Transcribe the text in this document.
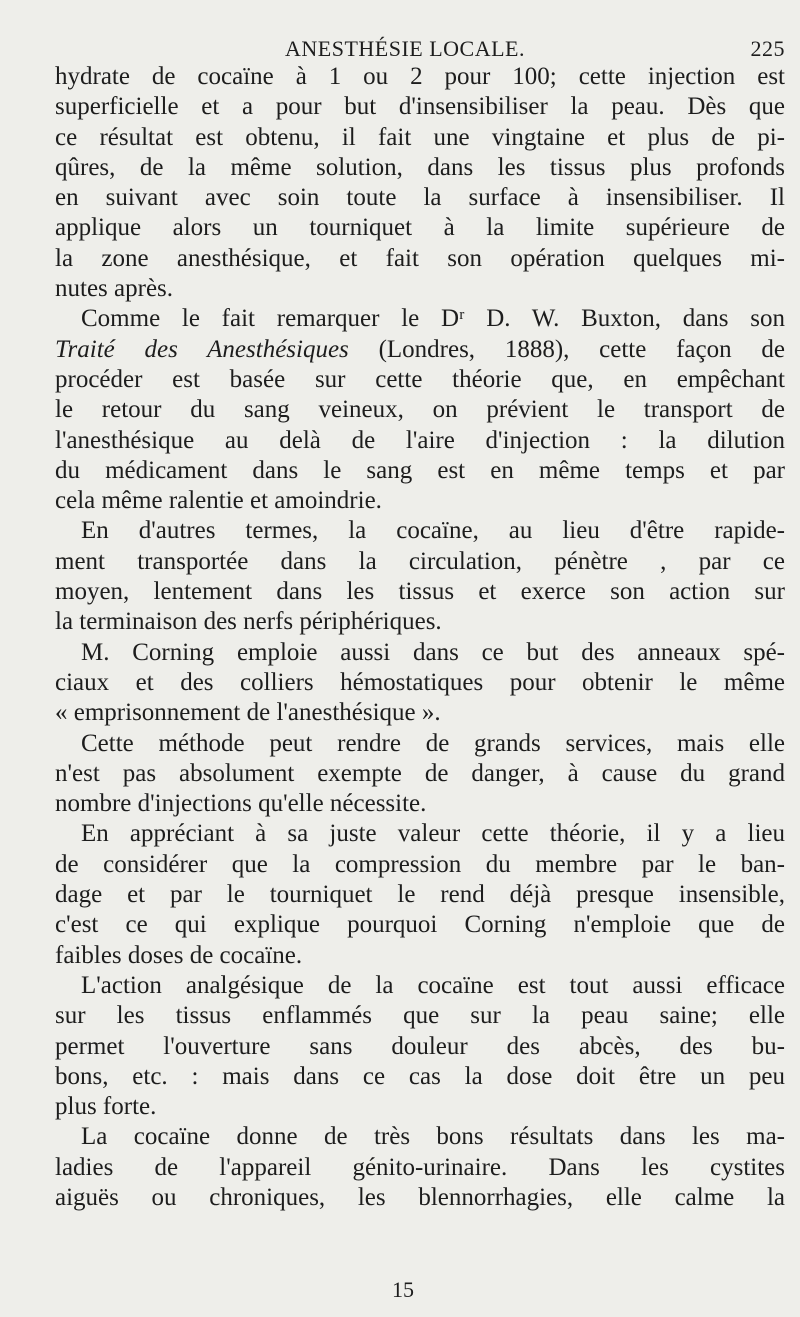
ANESTHÉSIE LOCALE.	225
hydrate de cocaïne à 1 ou 2 pour 100; cette injection est
superficielle et a pour but d'insensibiliser la peau. Dès que
ce résultat est obtenu, il fait une vingtaine et plus de pi-
qûres, de la même solution, dans les tissus plus profonds
en suivant avec soin toute la surface à insensibiliser. Il
applique alors un tourniquet à la limite supérieure de
la zone anesthésique, et fait son opération quelques mi-
nutes après.
Comme le fait remarquer le Dʳ D. W. Buxton, dans son
Traité des Anesthésiques (Londres, 1888), cette façon de
procéder est basée sur cette théorie que, en empêchant
le retour du sang veineux, on prévient le transport de
l'anesthésique au delà de l'aire d'injection : la dilution
du médicament dans le sang est en même temps et par
cela même ralentie et amoindrie.
En d'autres termes, la cocaïne, au lieu d'être rapide-
ment transportée dans la circulation, pénètre , par ce
moyen, lentement dans les tissus et exerce son action sur
la terminaison des nerfs périphériques.
M. Corning emploie aussi dans ce but des anneaux spé-
ciaux et des colliers hémostatiques pour obtenir le même
« emprisonnement de l'anesthésique ».
Cette méthode peut rendre de grands services, mais elle
n'est pas absolument exempte de danger, à cause du grand
nombre d'injections qu'elle nécessite.
En appréciant à sa juste valeur cette théorie, il y a lieu
de considérer que la compression du membre par le ban-
dage et par le tourniquet le rend déjà presque insensible,
c'est ce qui explique pourquoi Corning n'emploie que de
faibles doses de cocaïne.
L'action analgésique de la cocaïne est tout aussi efficace
sur les tissus enflammés que sur la peau saine; elle
permet l'ouverture sans douleur des abcès, des bu-
bons, etc. : mais dans ce cas la dose doit être un peu
plus forte.
La cocaïne donne de très bons résultats dans les ma-
ladies de l'appareil génito-urinaire. Dans les cystites
aiguës ou chroniques, les blennorrhagies, elle calme la
15
